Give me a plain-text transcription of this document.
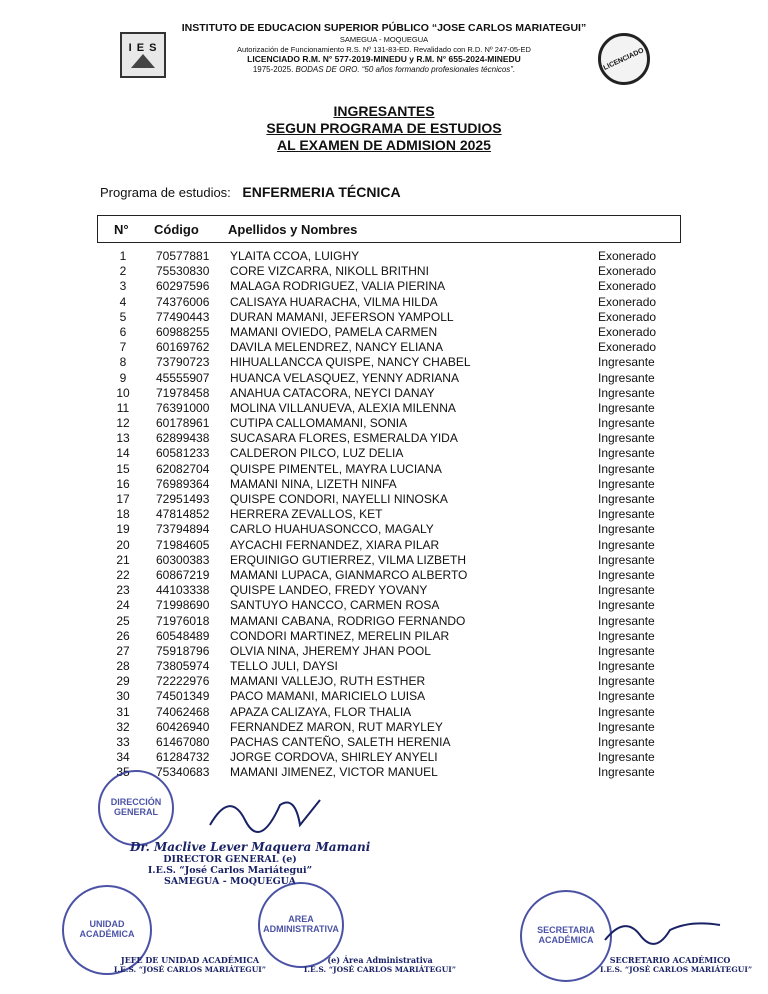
I E S	LICENCIADO
INSTITUTO DE EDUCACION SUPERIOR PÚBLICO “JOSE CARLOS MARIATEGUI”
SAMEGUA - MOQUEGUA
Autorización de Funcionamiento R.S. Nº 131-83-ED. Revalidado con R.D. Nº 247-05-ED
LICENCIADO R.M. N° 577-2019-MINEDU y R.M. N° 655-2024-MINEDU
1975-2025. BODAS DE ORO. “50 años formando profesionales técnicos”.
INGRESANTES
SEGUN PROGRAMA DE ESTUDIOS
AL EXAMEN DE ADMISION 2025
Programa de estudios: ENFERMERIA TÉCNICA
N° Código Apellidos y Nombres
1	70577881 YLAITA CCOA, LUIGHY	Exonerado
2	75530830 CORE VIZCARRA, NIKOLL BRITHNI	Exonerado
3	60297596 MALAGA RODRIGUEZ, VALIA PIERINA	Exonerado
4	74376006 CALISAYA HUARACHA, VILMA HILDA	Exonerado
5	77490443 DURAN MAMANI, JEFERSON YAMPOLL	Exonerado
6	60988255 MAMANI OVIEDO, PAMELA CARMEN	Exonerado
7	60169762 DAVILA MELENDREZ, NANCY ELIANA	Exonerado
8	73790723 HIHUALLANCCA QUISPE, NANCY CHABEL	Ingresante
9	45555907 HUANCA VELASQUEZ, YENNY ADRIANA	Ingresante
10	71978458 ANAHUA CATACORA, NEYCI DANAY	Ingresante
11	76391000 MOLINA VILLANUEVA, ALEXIA MILENNA	Ingresante
12	60178961 CUTIPA CALLOMAMANI, SONIA	Ingresante
13	62899438 SUCASARA FLORES, ESMERALDA YIDA	Ingresante
14	60581233 CALDERON PILCO, LUZ DELIA	Ingresante
15	62082704 QUISPE PIMENTEL, MAYRA LUCIANA	Ingresante
16	76989364 MAMANI NINA, LIZETH NINFA	Ingresante
17	72951493 QUISPE CONDORI, NAYELLI NINOSKA	Ingresante
18	47814852 HERRERA ZEVALLOS, KET	Ingresante
19	73794894 CARLO HUAHUASONCCO, MAGALY	Ingresante
20	71984605 AYCACHI FERNANDEZ, XIARA PILAR	Ingresante
21	60300383 ERQUINIGO GUTIERREZ, VILMA LIZBETH	Ingresante
22	60867219 MAMANI LUPACA, GIANMARCO ALBERTO	Ingresante
23	44103338 QUISPE LANDEO, FREDY YOVANY	Ingresante
24	71998690 SANTUYO HANCCO, CARMEN ROSA	Ingresante
25	71976018 MAMANI CABANA, RODRIGO FERNANDO	Ingresante
26	60548489 CONDORI MARTINEZ, MERELIN PILAR	Ingresante
27	75918796 OLVIA NINA, JHEREMY JHAN POOL	Ingresante
28	73805974 TELLO JULI, DAYSI	Ingresante
29	72222976 MAMANI VALLEJO, RUTH ESTHER	Ingresante
30	74501349 PACO MAMANI, MARICIELO LUISA	Ingresante
31	74062468 APAZA CALIZAYA, FLOR THALIA	Ingresante
32	60426940 FERNANDEZ MARON, RUT MARYLEY	Ingresante
33	61467080 PACHAS CANTEÑO, SALETH HERENIA	Ingresante
34	61284732 JORGE CORDOVA, SHIRLEY ANYELI	Ingresante
35	75340683 MAMANI JIMENEZ, VICTOR MANUEL	Ingresante
DIRECCIÓN GENERAL
Dr. Maclive Lever Maquera Mamani
DIRECTOR GENERAL (e)
I.E.S. “José Carlos Mariátegui”
SAMEGUA - MOQUEGUA
UNIDAD ACADÉMICA
JEFE DE UNIDAD ACADÉMICA
I.E.S. “JOSÉ CARLOS MARIÁTEGUI”
AREA ADMINISTRATIVA
(e) Área Administrativa
I.E.S. “JOSÉ CARLOS MARIÁTEGUI”
SECRETARIA ACADÉMICA
SECRETARIO ACADÉMICO
I.E.S. “JOSÉ CARLOS MARIÁTEGUI”
